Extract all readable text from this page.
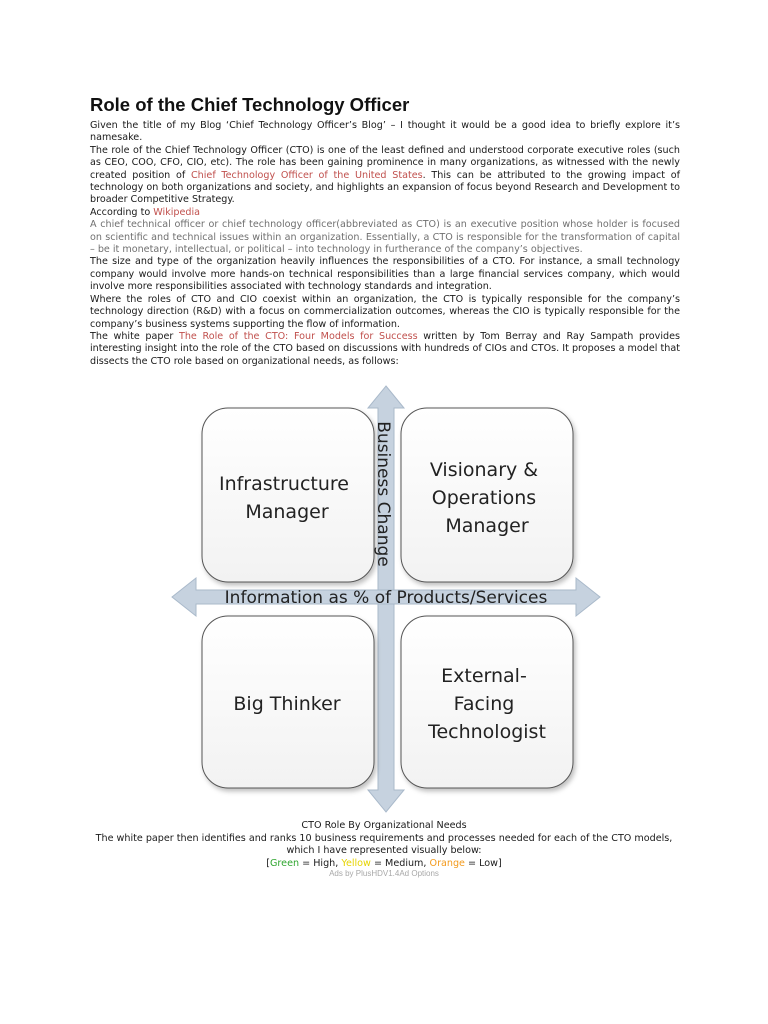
Role of the Chief Technology Officer

Given the title of my Blog ‘Chief Technology Officer’s Blog’ – I thought it would be a good idea to briefly explore it’s namesake.

The role of the Chief Technology Officer (CTO) is one of the least defined and understood corporate executive roles (such as CEO, COO, CFO, CIO, etc). The role has been gaining prominence in many organizations, as witnessed with the newly created position of Chief Technology Officer of the United States. This can be attributed to the growing impact of technology on both organizations and society, and highlights an expansion of focus beyond Research and Development to broader Competitive Strategy.

According to Wikipedia

A chief technical officer or chief technology officer(abbreviated as CTO) is an executive position whose holder is focused on scientific and technical issues within an organization. Essentially, a CTO is responsible for the transformation of capital – be it monetary, intellectual, or political – into technology in furtherance of the company’s objectives.

The size and type of the organization heavily influences the responsibilities of a CTO. For instance, a small technology company would involve more hands-on technical responsibilities than a large financial services company, which would involve more responsibilities associated with technology standards and integration.

Where the roles of CTO and CIO coexist within an organization, the CTO is typically responsible for the company’s technology direction (R&D) with a focus on commercialization outcomes, whereas the CIO is typically responsible for the company’s business systems supporting the flow of information.

The white paper The Role of the CTO: Four Models for Success written by Tom Berray and Ray Sampath provides interesting insight into the role of the CTO based on discussions with hundreds of CIOs and CTOs. It proposes a model that dissects the CTO role based on organizational needs, as follows:

Infrastructure Manager
Visionary & Operations Manager
Big Thinker
External- Facing Technologist
Business Change
Information as % of Products/Services
CTO Role By Organizational Needs
The white paper then identifies and ranks 10 business requirements and processes needed for each of the CTO models, which I have represented visually below:
[Green = High, Yellow = Medium, Orange = Low]
Ads by PlusHDV1.4Ad Options
